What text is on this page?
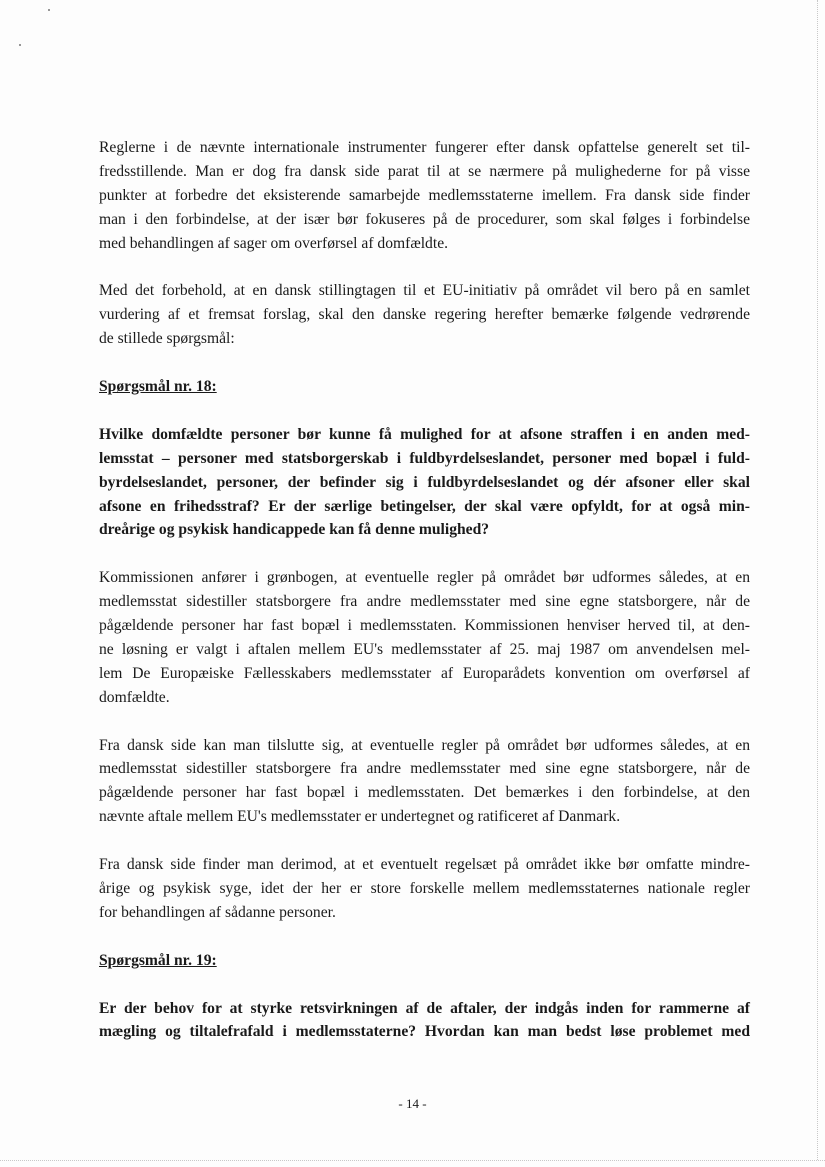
Reglerne i de nævnte internationale instrumenter fungerer efter dansk opfattelse generelt set til-
fredsstillende. Man er dog fra dansk side parat til at se nærmere på mulighederne for på visse
punkter at forbedre det eksisterende samarbejde medlemsstaterne imellem. Fra dansk side finder
man i den forbindelse, at der især bør fokuseres på de procedurer, som skal følges i forbindelse
med behandlingen af sager om overførsel af domfældte.

Med det forbehold, at en dansk stillingtagen til et EU-initiativ på området vil bero på en samlet
vurdering af et fremsat forslag, skal den danske regering herefter bemærke følgende vedrørende
de stillede spørgsmål:

Spørgsmål nr. 18:

Hvilke domfældte personer bør kunne få mulighed for at afsone straffen i en anden med-
lemsstat – personer med statsborgerskab i fuldbyrdelseslandet, personer med bopæl i fuld-
byrdelseslandet, personer, der befinder sig i fuldbyrdelseslandet og dér afsoner eller skal
afsone en frihedsstraf? Er der særlige betingelser, der skal være opfyldt, for at også min-
dreårige og psykisk handicappede kan få denne mulighed?

Kommissionen anfører i grønbogen, at eventuelle regler på området bør udformes således, at en
medlemsstat sidestiller statsborgere fra andre medlemsstater med sine egne statsborgere, når de
pågældende personer har fast bopæl i medlemsstaten. Kommissionen henviser herved til, at den-
ne løsning er valgt i aftalen mellem EU's medlemsstater af 25. maj 1987 om anvendelsen mel-
lem De Europæiske Fællesskabers medlemsstater af Europarådets konvention om overførsel af
domfældte.

Fra dansk side kan man tilslutte sig, at eventuelle regler på området bør udformes således, at en
medlemsstat sidestiller statsborgere fra andre medlemsstater med sine egne statsborgere, når de
pågældende personer har fast bopæl i medlemsstaten. Det bemærkes i den forbindelse, at den
nævnte aftale mellem EU's medlemsstater er undertegnet og ratificeret af Danmark.

Fra dansk side finder man derimod, at et eventuelt regelsæt på området ikke bør omfatte mindre-
årige og psykisk syge, idet der her er store forskelle mellem medlemsstaternes nationale regler
for behandlingen af sådanne personer.

Spørgsmål nr. 19:

Er der behov for at styrke retsvirkningen af de aftaler, der indgås inden for rammerne af
mægling og tiltalefrafald i medlemsstaterne? Hvordan kan man bedst løse problemet med

- 14 -
